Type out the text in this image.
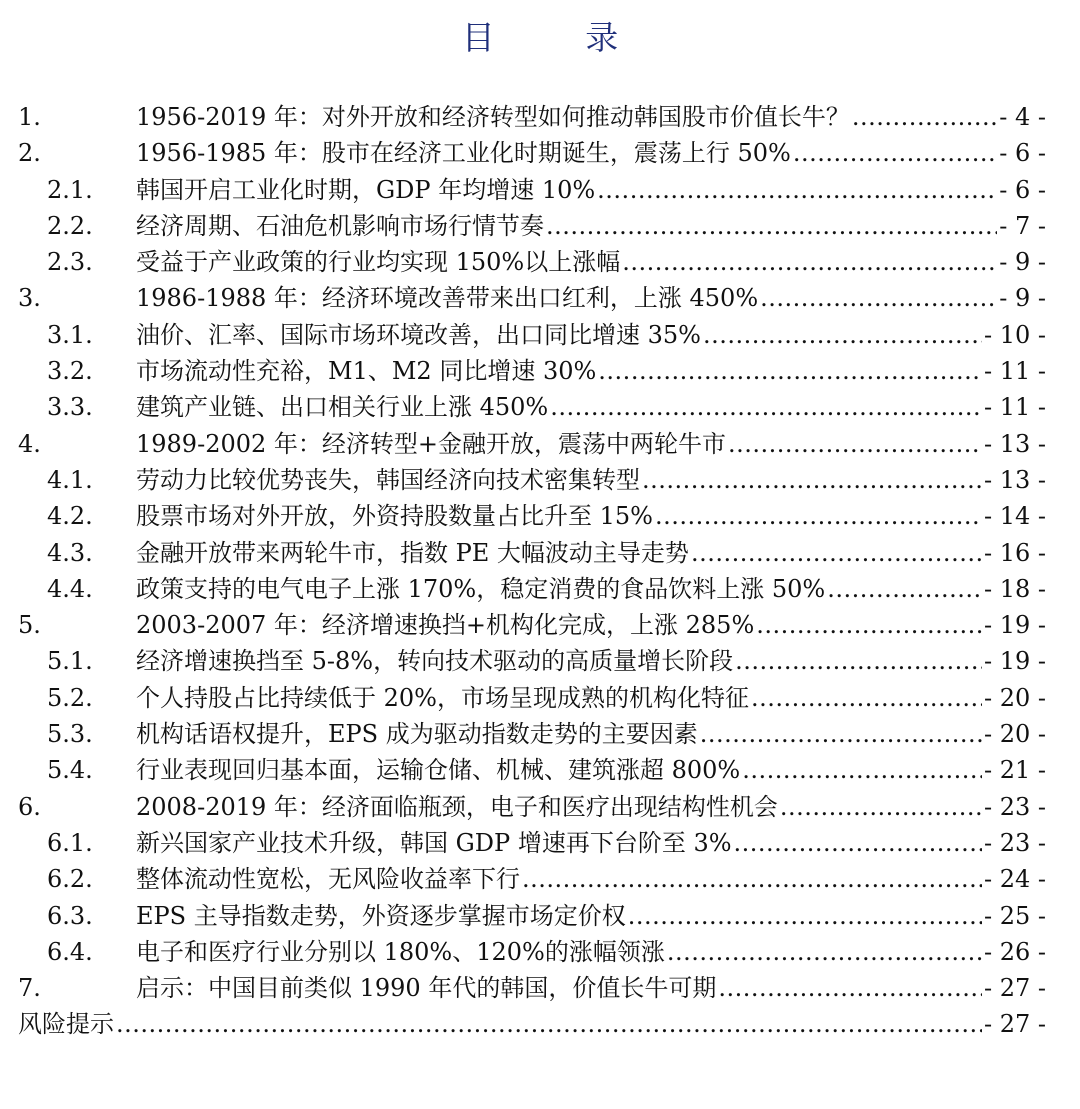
目 录
1.	1956-2019 年：对外开放和经济转型如何推动韩国股市价值长牛？ .....	- 4 -
2.	1956-1985 年：股市在经济工业化时期诞生，震荡上行 50% .....	- 6 -
2.1. 韩国开启工业化时期，GDP 年均增速 10% .....	- 6 -
2.2. 经济周期、石油危机影响市场行情节奏 .....	- 7 -
2.3. 受益于产业政策的行业均实现 150%以上涨幅 .....	- 9 -
3.	1986-1988 年：经济环境改善带来出口红利，上涨 450% .....	- 9 -
3.1. 油价、汇率、国际市场环境改善，出口同比增速 35% .....	- 10 -
3.2. 市场流动性充裕，M1、M2 同比增速 30% .....	- 11 -
3.3. 建筑产业链、出口相关行业上涨 450% .....	- 11 -
4.	1989-2002 年：经济转型+金融开放，震荡中两轮牛市 .....	- 13 -
4.1. 劳动力比较优势丧失，韩国经济向技术密集转型 .....	- 13 -
4.2. 股票市场对外开放，外资持股数量占比升至 15% .....	- 14 -
4.3. 金融开放带来两轮牛市，指数 PE 大幅波动主导走势 .....	- 16 -
4.4. 政策支持的电气电子上涨 170%，稳定消费的食品饮料上涨 50% .....	- 18 -
5.	2003-2007 年：经济增速换挡+机构化完成，上涨 285% .....	- 19 -
5.1. 经济增速换挡至 5-8%，转向技术驱动的高质量增长阶段 .....	- 19 -
5.2. 个人持股占比持续低于 20%，市场呈现成熟的机构化特征 .....	- 20 -
5.3. 机构话语权提升，EPS 成为驱动指数走势的主要因素 .....	- 20 -
5.4. 行业表现回归基本面，运输仓储、机械、建筑涨超 800% .....	- 21 -
6.	2008-2019 年：经济面临瓶颈，电子和医疗出现结构性机会 .....	- 23 -
6.1. 新兴国家产业技术升级，韩国 GDP 增速再下台阶至 3% .....	- 23 -
6.2. 整体流动性宽松，无风险收益率下行 .....	- 24 -
6.3. EPS 主导指数走势，外资逐步掌握市场定价权 .....	- 25 -
6.4. 电子和医疗行业分别以 180%、120%的涨幅领涨 .....	- 26 -
7.	启示：中国目前类似 1990 年代的韩国，价值长牛可期 .....	- 27 -
风险提示 .....	- 27 -
